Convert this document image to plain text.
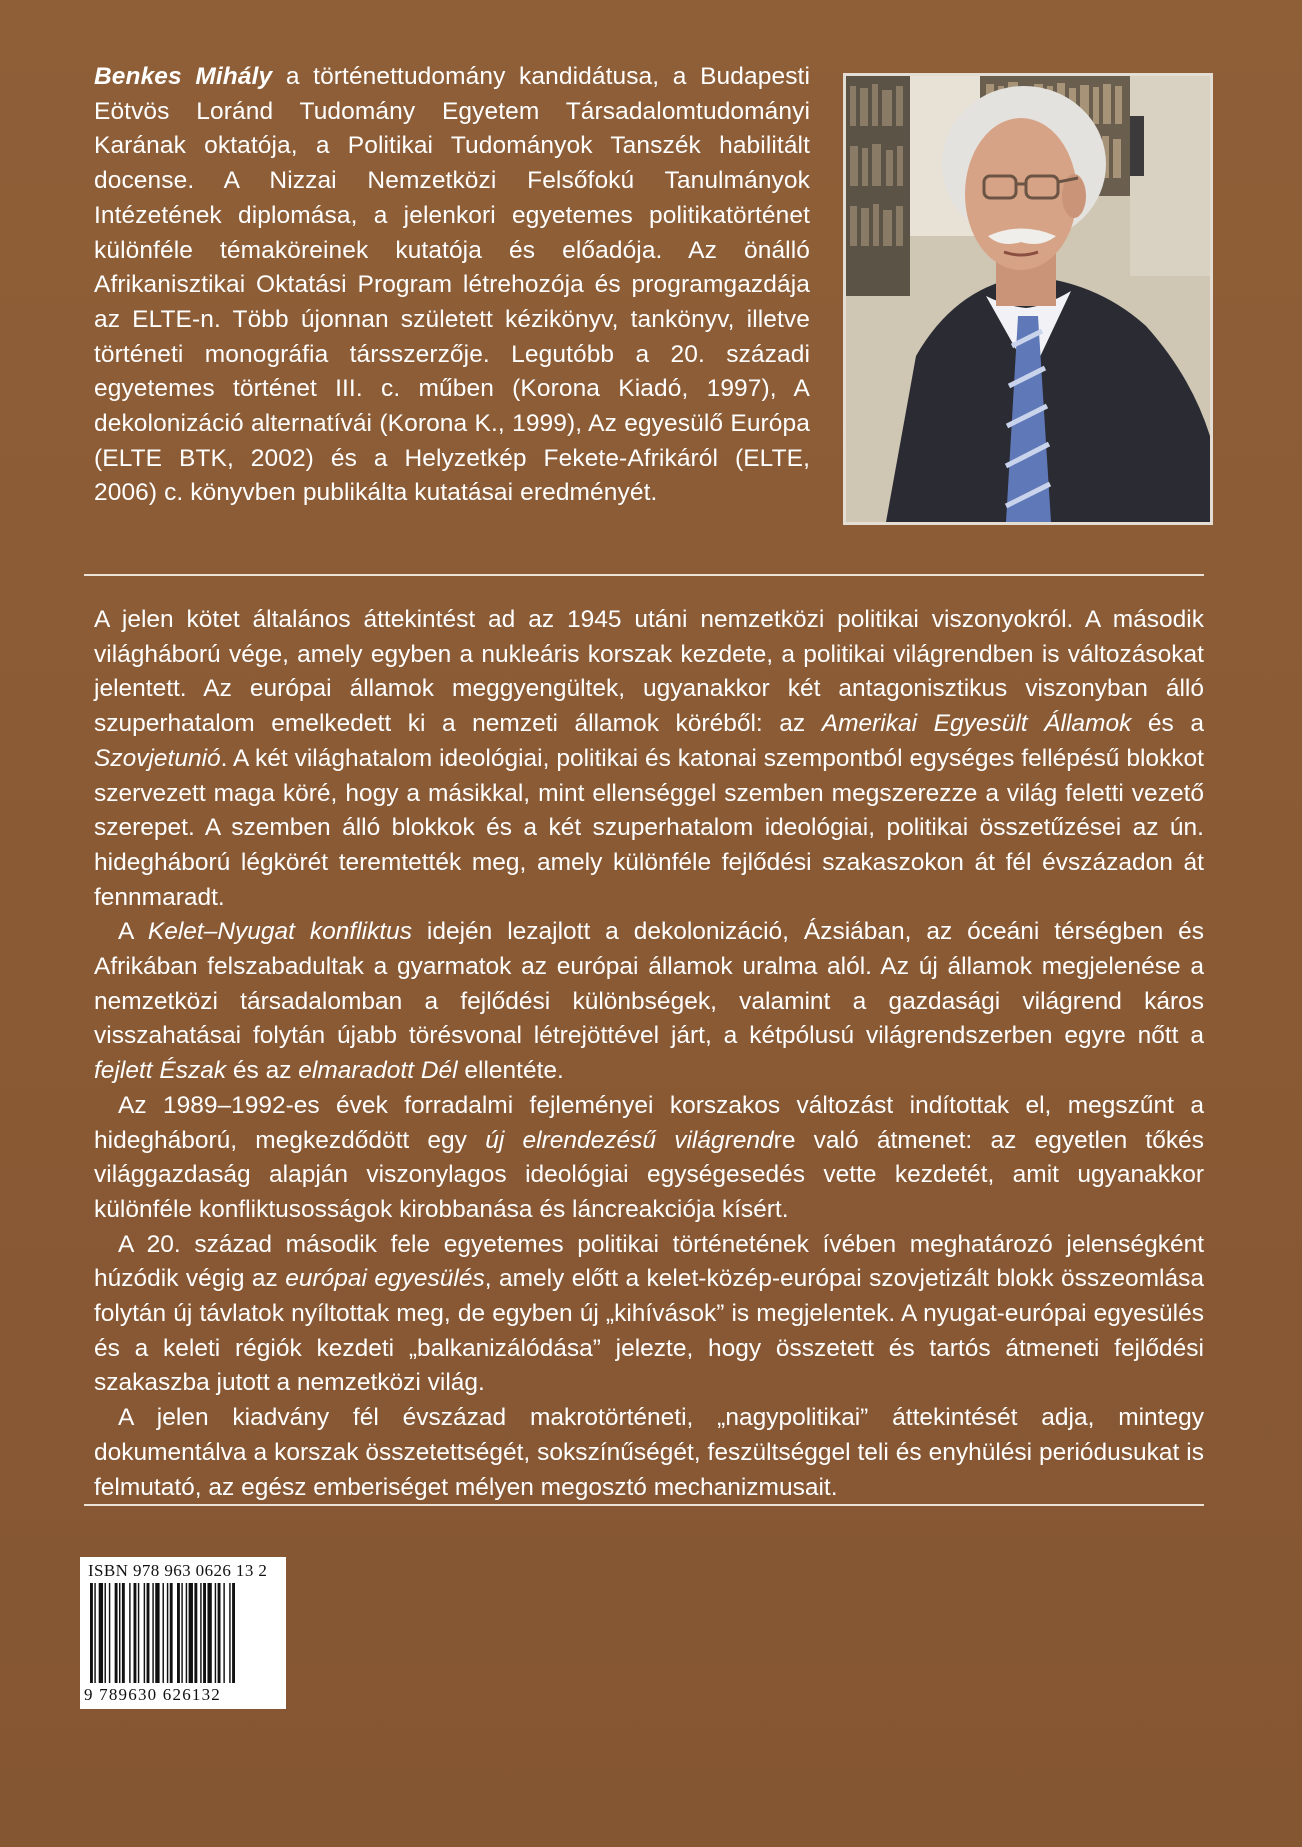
Benkes Mihály a történettudomány kandidátusa, a Budapesti Eötvös Loránd Tudomány Egyetem Társadalomtudományi Karának oktatója, a Politikai Tudományok Tanszék habilitált docense. A Nizzai Nemzetközi Felsőfokú Tanulmányok Intézetének diplomása, a jelenkori egyetemes politikatörténet különféle témaköreinek kutatója és előadója. Az önálló Afrikanisztikai Oktatási Program létrehozója és programgazdája az ELTE-n. Több újonnan született kézikönyv, tankönyv, illetve történeti monográfia társszerzője. Legutóbb a 20. századi egyetemes történet III. c. műben (Korona Kiadó, 1997), A dekolonizáció alternatívái (Korona K., 1999), Az egyesülő Európa (ELTE BTK, 2002) és a Helyzetkép Fekete-Afrikáról (ELTE, 2006) c. könyvben publikálta kutatásai eredményét.

A jelen kötet általános áttekintést ad az 1945 utáni nemzetközi politikai viszonyokról. A második világháború vége, amely egyben a nukleáris korszak kezdete, a politikai világrendben is változásokat jelentett. Az európai államok meggyengültek, ugyanakkor két antagonisztikus viszonyban álló szuperhatalom emelkedett ki a nemzeti államok köréből: az Amerikai Egyesült Államok és a Szovjetunió. A két világhatalom ideológiai, politikai és katonai szempontból egységes fellépésű blokkot szervezett maga köré, hogy a másikkal, mint ellenséggel szemben megszerezze a világ feletti vezető szerepet. A szemben álló blokkok és a két szuperhatalom ideológiai, politikai összetűzései az ún. hidegháború légkörét teremtették meg, amely különféle fejlődési szakaszokon át fél évszázadon át fennmaradt.

A Kelet–Nyugat konfliktus idején lezajlott a dekolonizáció, Ázsiában, az óceáni térségben és Afrikában felszabadultak a gyarmatok az európai államok uralma alól. Az új államok megjelenése a nemzetközi társadalomban a fejlődési különbségek, valamint a gazdasági világrend káros visszahatásai folytán újabb törésvonal létrejöttével járt, a kétpólusú világrendszerben egyre nőtt a fejlett Észak és az elmaradott Dél ellentéte.

Az 1989–1992-es évek forradalmi fejleményei korszakos változást indítottak el, megszűnt a hidegháború, megkezdődött egy új elrendezésű világrendre való átmenet: az egyetlen tőkés világgazdaság alapján viszonylagos ideológiai egységesedés vette kezdetét, amit ugyanakkor különféle konfliktusosságok kirobbanása és láncreakciója kísért.

A 20. század második fele egyetemes politikai történetének ívében meghatározó jelenségként húzódik végig az európai egyesülés, amely előtt a kelet-közép-európai szovjetizált blokk összeomlása folytán új távlatok nyíltottak meg, de egyben új „kihívások” is megjelentek. A nyugat-európai egyesülés és a keleti régiók kezdeti „balkanizálódása” jelezte, hogy összetett és tartós átmeneti fejlődési szakaszba jutott a nemzetközi világ.

A jelen kiadvány fél évszázad makrotörténeti, „nagypolitikai” áttekintését adja, mintegy dokumentálva a korszak összetettségét, sokszínűségét, feszültséggel teli és enyhülési periódusukat is felmutató, az egész emberiséget mélyen megosztó mechanizmusait.

ISBN 978 963 0626 13 2
9 789630 626132
